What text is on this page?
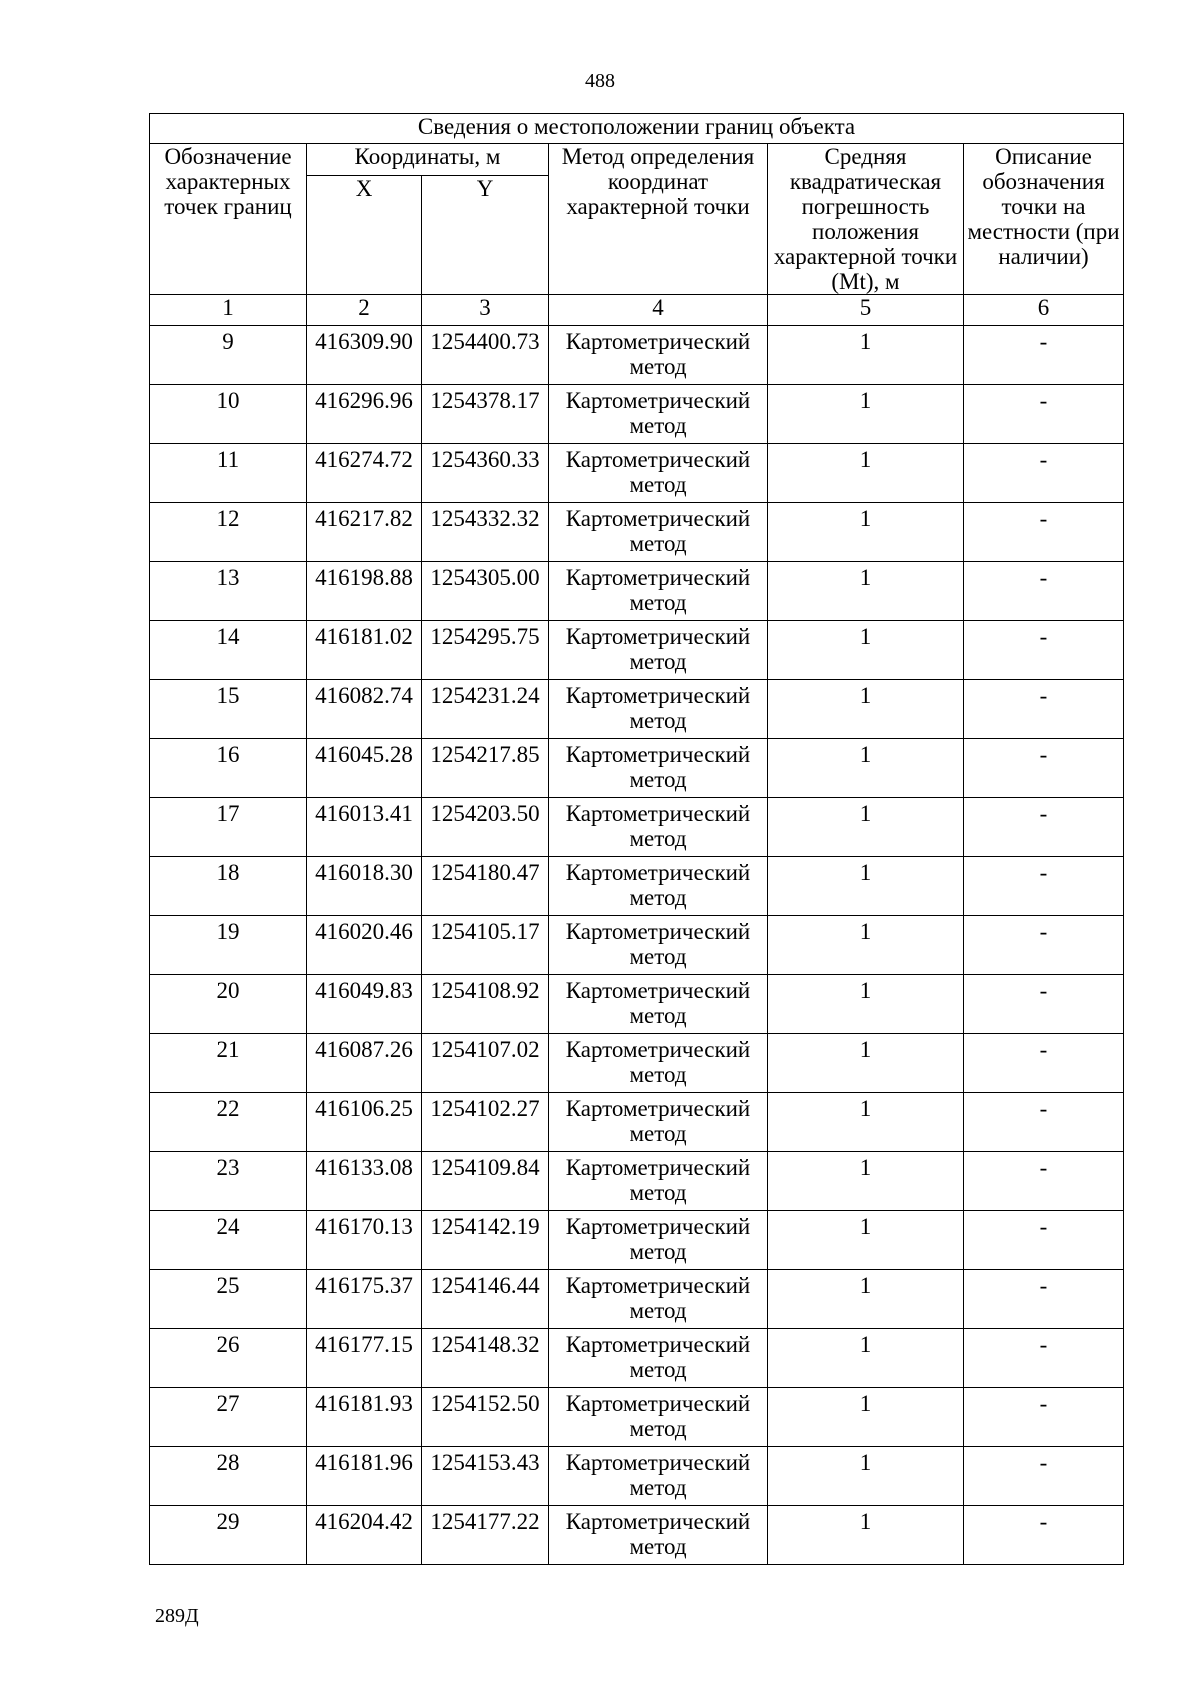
488
Сведения о местоположении границ объекта					
Обозначение характерных точек границ	Координаты, м		Метод определения координат характерной точки	Средняя квадратическая погрешность положения характерной точки (Mt), м	Описание обозначения точки на местности (при наличии)
	X	Y			
1	2	3	4	5	6
9	416309.90	1254400.73	Картометрический метод	1	-
10	416296.96	1254378.17	Картометрический метод	1	-
11	416274.72	1254360.33	Картометрический метод	1	-
12	416217.82	1254332.32	Картометрический метод	1	-
13	416198.88	1254305.00	Картометрический метод	1	-
14	416181.02	1254295.75	Картометрический метод	1	-
15	416082.74	1254231.24	Картометрический метод	1	-
16	416045.28	1254217.85	Картометрический метод	1	-
17	416013.41	1254203.50	Картометрический метод	1	-
18	416018.30	1254180.47	Картометрический метод	1	-
19	416020.46	1254105.17	Картометрический метод	1	-
20	416049.83	1254108.92	Картометрический метод	1	-
21	416087.26	1254107.02	Картометрический метод	1	-
22	416106.25	1254102.27	Картометрический метод	1	-
23	416133.08	1254109.84	Картометрический метод	1	-
24	416170.13	1254142.19	Картометрический метод	1	-
25	416175.37	1254146.44	Картометрический метод	1	-
26	416177.15	1254148.32	Картометрический метод	1	-
27	416181.93	1254152.50	Картометрический метод	1	-
28	416181.96	1254153.43	Картометрический метод	1	-
29	416204.42	1254177.22	Картометрический метод	1	-
289Д
